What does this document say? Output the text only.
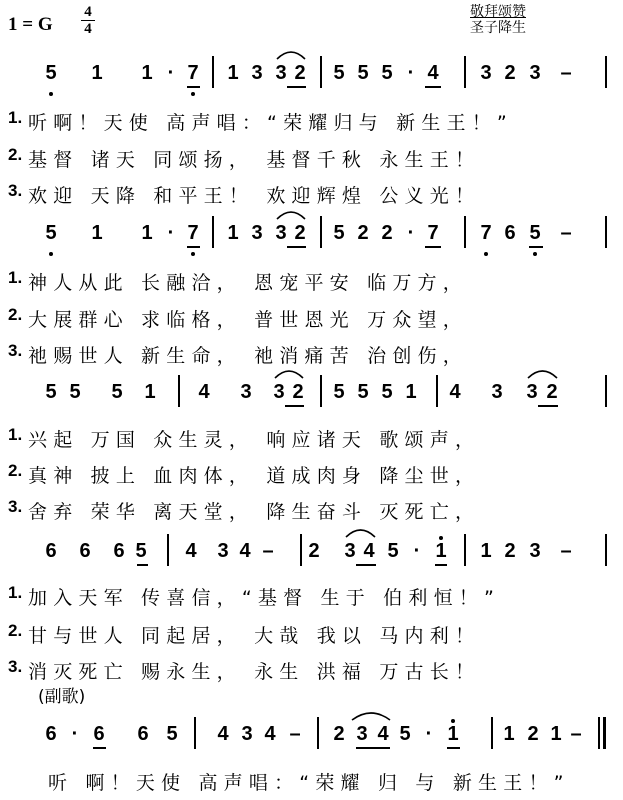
1 = G
4
4
敬拜颂赞
圣子降生
(副歌)
5 1 1 · 7 1 3 3 2 5 5 5 · 4 3 2 3 –
1. 听啊！天使 高声唱：“荣耀归与 新生王！”
2. 基督 诸天 同颂扬， 基督千秋 永生王！
3. 欢迎 天降 和平王！ 欢迎辉煌 公义光！
5 1 1 · 7 1 3 3 2 5 2 2 · 7 7 6 5 –
1. 神人从此 长融洽， 恩宠平安 临万方，
2. 大展群心 求临格， 普世恩光 万众望，
3. 祂赐世人 新生命， 祂消痛苦 治创伤，
5 5 5 1 4 3 3 2 5 5 5 1 4 3 3 2
1. 兴起 万国 众生灵， 响应诸天 歌颂声，
2. 真神 披上 血肉体， 道成肉身 降尘世，
3. 舍弃 荣华 离天堂， 降生奋斗 灭死亡，
6 6 6 5 4 3 4 – 2 3 4 5 · 1 1 2 3 –
1. 加入天军 传喜信，“基督 生于 伯利恒！”
2. 甘与世人 同起居， 大哉 我以 马内利！
3. 消灭死亡 赐永生， 永生 洪福 万古长！
6 · 6 6 5 4 3 4 – 2 3 4 5 · 1 1 2 1 –
听 啊！天使 高声唱：“荣耀 归 与 新生王！”
